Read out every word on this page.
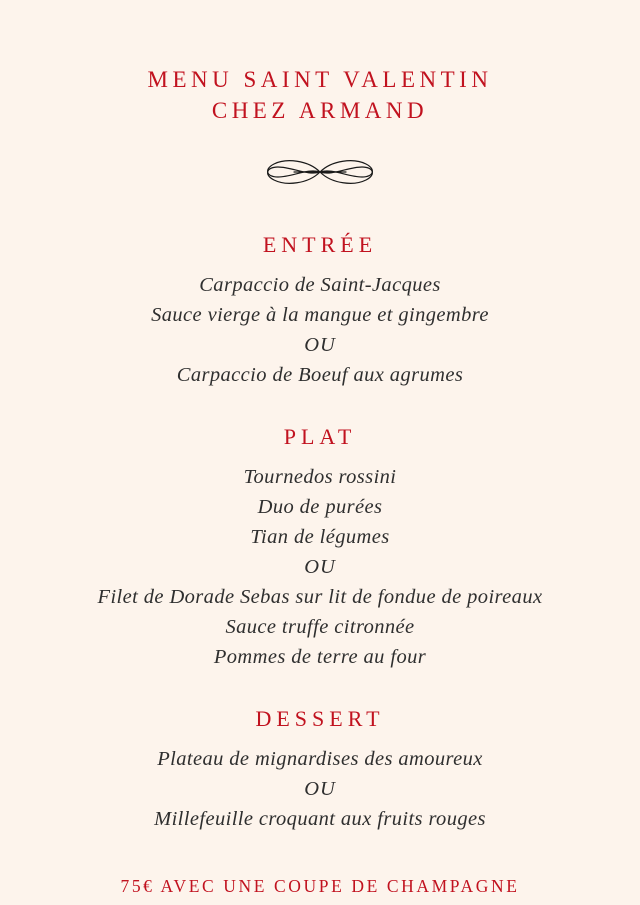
MENU SAINT VALENTIN
CHEZ ARMAND
ENTRÉE
Carpaccio de Saint-Jacques
Sauce vierge à la mangue et gingembre
OU
Carpaccio de Boeuf aux agrumes
PLAT
Tournedos rossini
Duo de purées
Tian de légumes
OU
Filet de Dorade Sebas sur lit de fondue de poireaux
Sauce truffe citronnée
Pommes de terre au four
DESSERT
Plateau de mignardises des amoureux
OU
Millefeuille croquant aux fruits rouges
75€ AVEC UNE COUPE DE CHAMPAGNE
